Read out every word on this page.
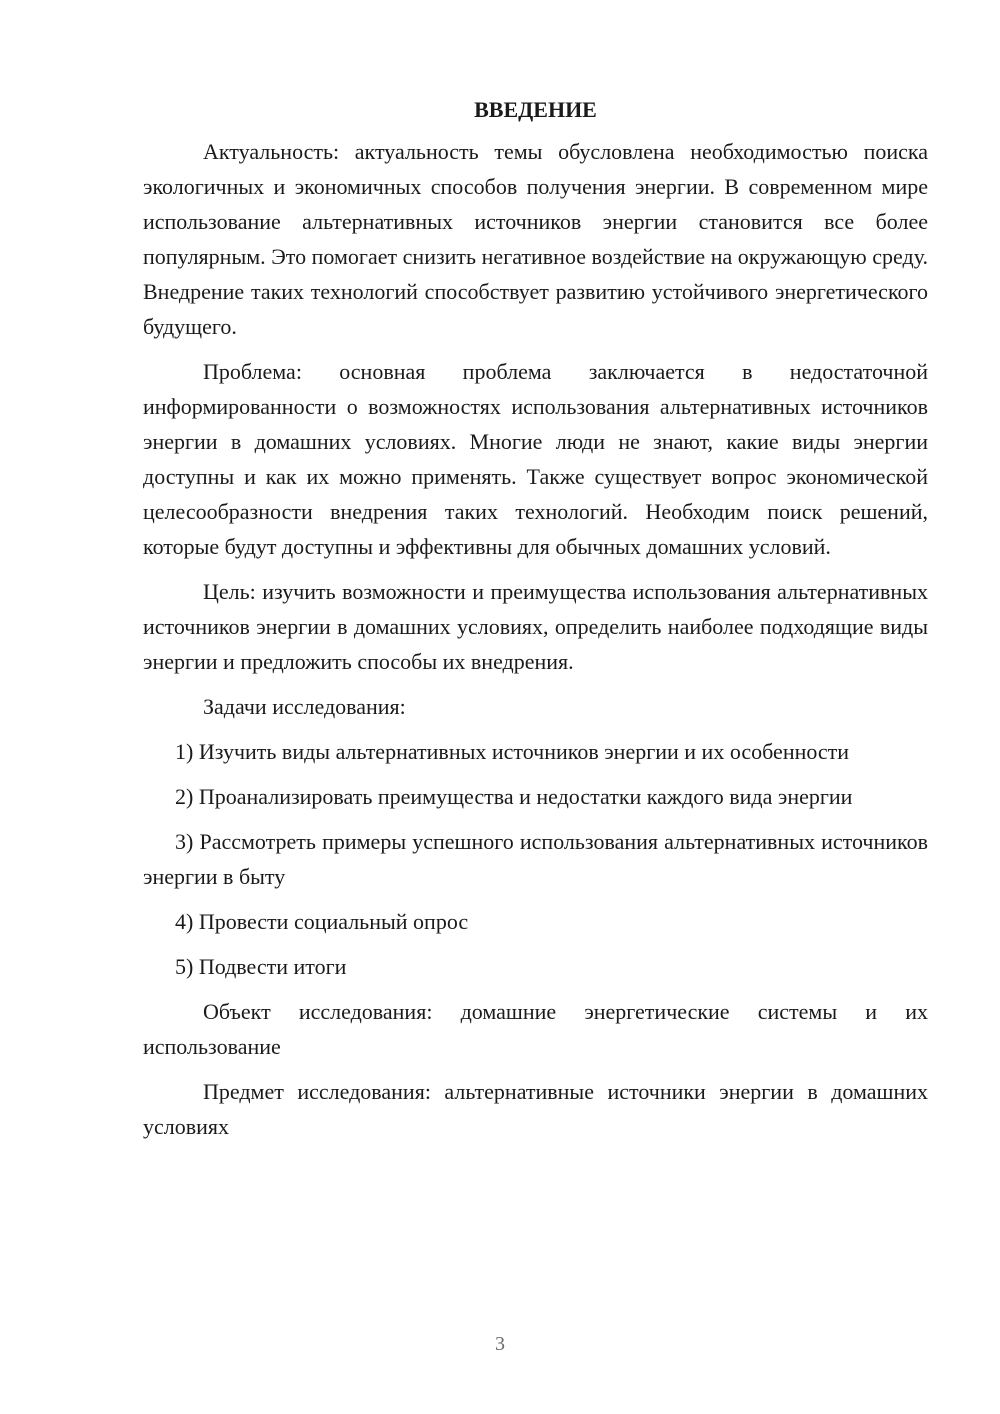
ВВЕДЕНИЕ

Актуальность: актуальность темы обусловлена необходимостью поиска экологичных и экономичных способов получения энергии. В современном мире использование альтернативных источников энергии становится все более популярным. Это помогает снизить негативное воздействие на окружающую среду. Внедрение таких технологий способствует развитию устойчивого энергетического будущего.

Проблема: основная проблема заключается в недостаточной информированности о возможностях использования альтернативных источников энергии в домашних условиях. Многие люди не знают, какие виды энергии доступны и как их можно применять. Также существует вопрос экономической целесообразности внедрения таких технологий. Необходим поиск решений, которые будут доступны и эффективны для обычных домашних условий.

Цель: изучить возможности и преимущества использования альтернативных источников энергии в домашних условиях, определить наиболее подходящие виды энергии и предложить способы их внедрения.

Задачи исследования:

1) Изучить виды альтернативных источников энергии и их особенности

2) Проанализировать преимущества и недостатки каждого вида энергии

3) Рассмотреть примеры успешного использования альтернативных источников энергии в быту

4) Провести социальный опрос

5) Подвести итоги

Объект исследования: домашние энергетические системы и их использование

Предмет исследования: альтернативные источники энергии в домашних условиях

3
